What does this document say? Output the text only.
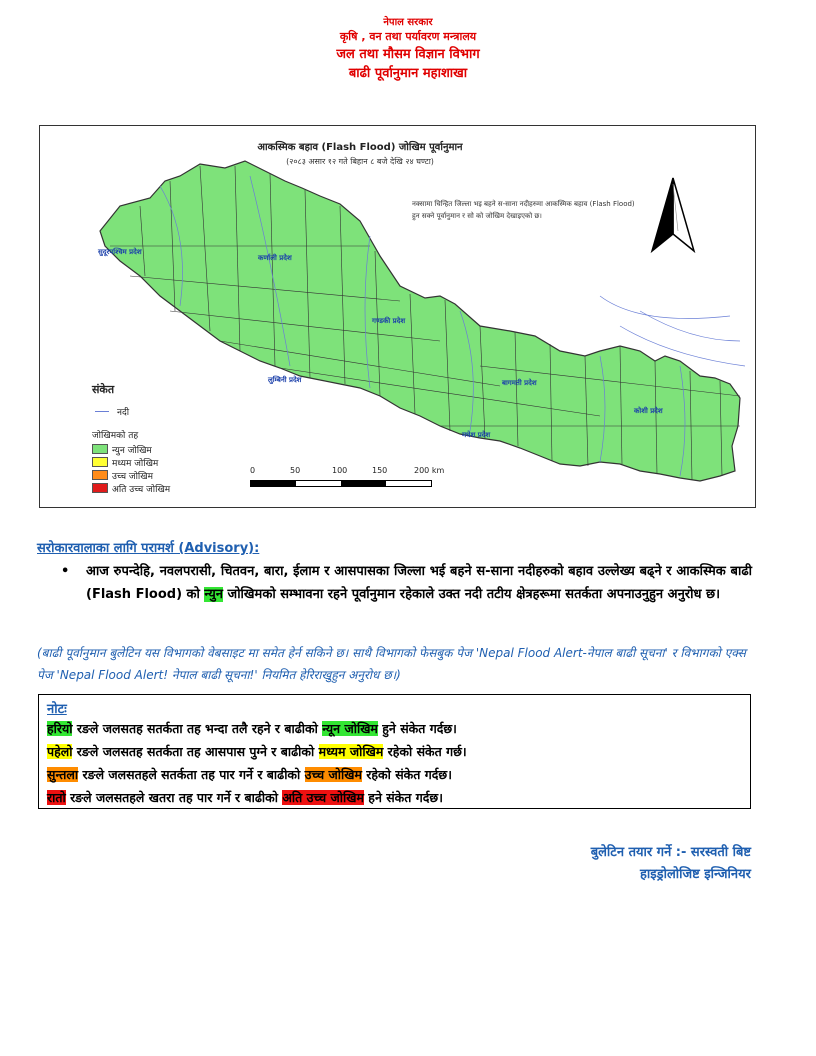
नेपाल सरकार
कृषि , वन तथा पर्यावरण मन्त्रालय
जल तथा मौसम विज्ञान विभाग
बाढी पूर्वानुमान महाशाखा
आकस्मिक बहाव (Flash Flood) जोखिम पूर्वानुमान
(२०८३ असार १२ गते बिहान ८ बजे देखि २४ घण्टा)
नक्सामा चिन्हित जिल्ला भइ बहने स-साना नदीहरुमा आकस्मिक बहाव (Flash Flood) हुन सक्ने पूर्वानुमान र सो को जोखिम देखाइएको छ।
सुदूरपश्चिम प्रदेश
कर्णाली प्रदेश
गण्डकी प्रदेश
लुम्बिनी प्रदेश	बागमती प्रदेश
कोशी प्रदेश
मधेश प्रदेश
संकेत
नदी
जोखिमको तह
न्युन जोखिम
मध्यम जोखिम
उच्च जोखिम
अति उच्च जोखिम
0	50	100	150	200 km
सरोकारवालाका लागि परामर्श (Advisory):
• आज रुपन्देहि, नवलपरासी, चितवन, बारा, ईलाम र आसपासका जिल्ला भई बहने स-साना नदीहरुको बहाव उल्लेख्य बढ्ने र आकस्मिक बाढी (Flash Flood) को न्युन जोखिमको सम्भावना रहने पूर्वानुमान रहेकाले उक्त नदी तटीय क्षेत्रहरूमा सतर्कता अपनाउनुहुन अनुरोध छ।
(बाढी पूर्वानुमान बुलेटिन यस विभागको वेबसाइट मा समेत हेर्न सकिने छ। साथै विभागको फेसबुक पेज 'Nepal Flood Alert-नेपाल बाढी सूचना' र विभागको एक्स पेज 'Nepal Flood Alert! नेपाल बाढी सूचना!' नियमित हेरिराखुहुन अनुरोध छ।)
नोटः
हरियो रङले जलसतह सतर्कता तह भन्दा तलै रहने र बाढीको न्यून जोखिम हुने संकेत गर्दछ।
पहेलो रङले जलसतह सतर्कता तह आसपास पुग्ने र बाढीको मध्यम जोखिम रहेको संकेत गर्छ।
सुन्तला रङले जलसतहले सतर्कता तह पार गर्ने र बाढीको उच्च जोखिम रहेको संकेत गर्दछ।
रातो रङले जलसतहले खतरा तह पार गर्ने र बाढीको अति उच्च जोखिम हने संकेत गर्दछ।
बुलेटिन तयार गर्ने :- सरस्वती बिष्ट
हाइड्रोलोजिष्ट इन्जिनियर
